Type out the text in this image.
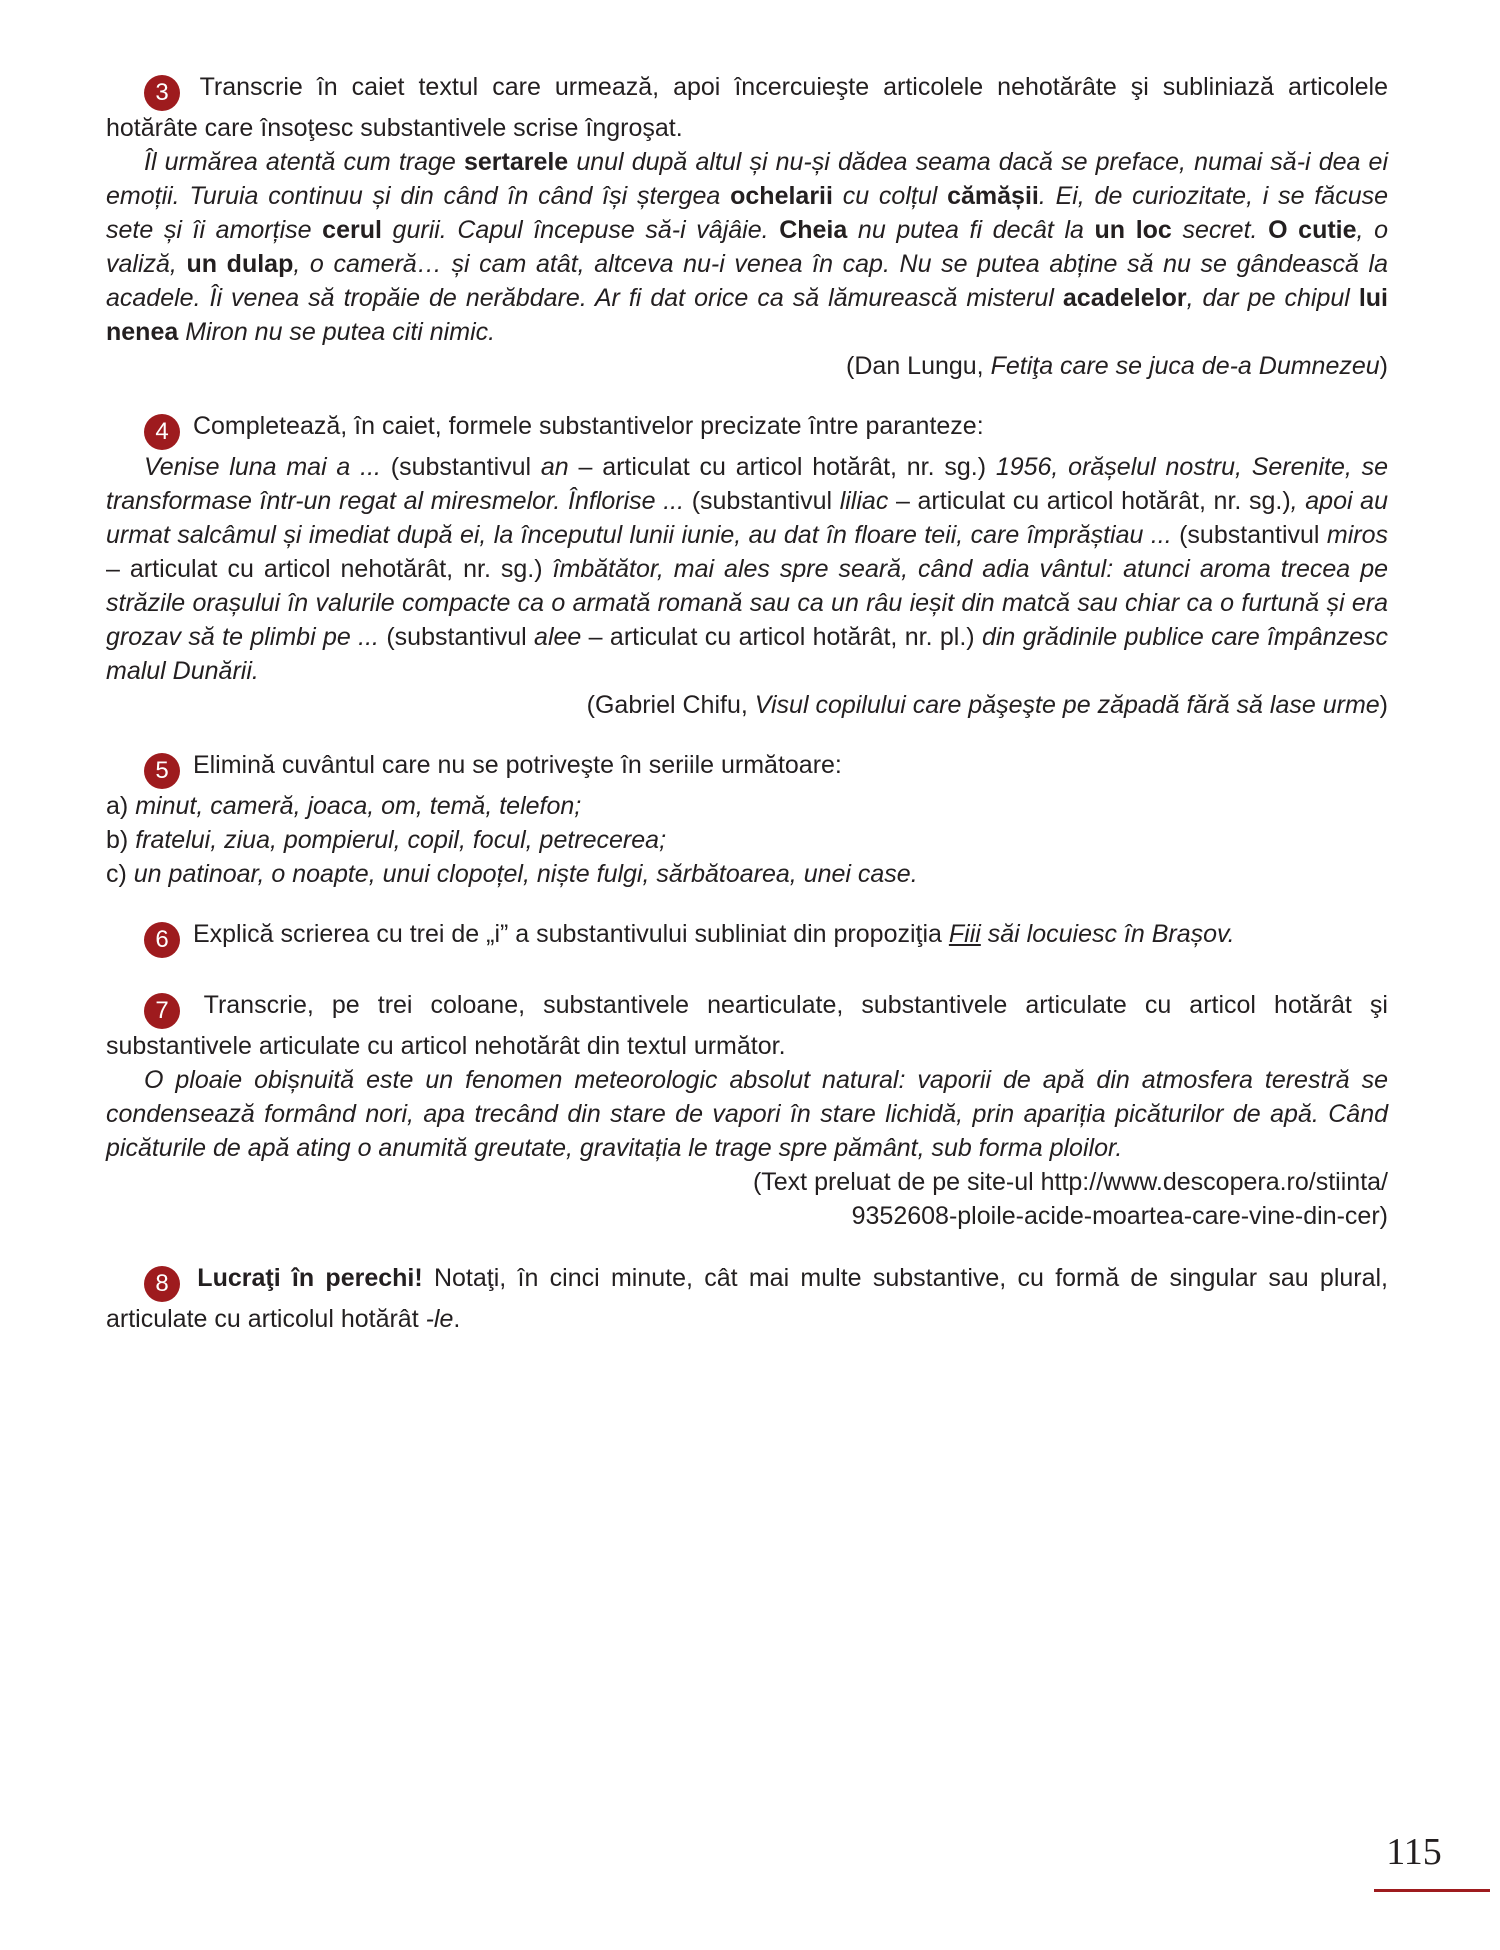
3 Transcrie în caiet textul care urmează, apoi încercuieşte articolele nehotărâte şi subliniază articolele hotărâte care însoţesc substantivele scrise îngroşat.
Îl urmărea atentă cum trage sertarele unul după altul și nu-și dădea seama dacă se preface, numai să-i dea ei emoții. Turuia continuu și din când în când își ștergea ochelarii cu colțul cămășii. Ei, de curiozitate, i se făcuse sete și îi amorțise cerul gurii. Capul începuse să-i vâjâie. Cheia nu putea fi decât la un loc secret. O cutie, o valiză, un dulap, o cameră… și cam atât, altceva nu-i venea în cap. Nu se putea abține să nu se gândească la acadele. Îi venea să tropăie de nerăbdare. Ar fi dat orice ca să lămurească misterul acadelelor, dar pe chipul lui nenea Miron nu se putea citi nimic.
(Dan Lungu, Fetiţa care se juca de-a Dumnezeu)
4 Completează, în caiet, formele substantivelor precizate între paranteze:
Venise luna mai a ... (substantivul an – articulat cu articol hotărât, nr. sg.) 1956, orășelul nostru, Serenite, se transformase într-un regat al miresmelor. Înflorise ... (substantivul liliac – articulat cu articol hotărât, nr. sg.), apoi au urmat salcâmul și imediat după ei, la începutul lunii iunie, au dat în floare teii, care împrăștiau ... (substantivul miros – articulat cu articol nehotărât, nr. sg.) îmbătător, mai ales spre seară, când adia vântul: atunci aroma trecea pe străzile orașului în valurile compacte ca o armată romană sau ca un râu ieșit din matcă sau chiar ca o furtună și era grozav să te plimbi pe ... (substantivul alee – articulat cu articol hotărât, nr. pl.) din grădinile publice care împânzesc malul Dunării.
(Gabriel Chifu, Visul copilului care păşeşte pe zăpadă fără să lase urme)
5 Elimină cuvântul care nu se potriveşte în seriile următoare:
a) minut, cameră, joaca, om, temă, telefon;
b) fratelui, ziua, pompierul, copil, focul, petrecerea;
c) un patinoar, o noapte, unui clopoțel, niște fulgi, sărbătoarea, unei case.
6 Explică scrierea cu trei de „i” a substantivului subliniat din propoziţia Fiii săi locuiesc în Brașov.
7 Transcrie, pe trei coloane, substantivele nearticulate, substantivele articulate cu articol hotărât şi substantivele articulate cu articol nehotărât din textul următor.
O ploaie obișnuită este un fenomen meteorologic absolut natural: vaporii de apă din atmosfera terestră se condensează formând nori, apa trecând din stare de vapori în stare lichidă, prin apariția picăturilor de apă. Când picăturile de apă ating o anumită greutate, gravitația le trage spre pământ, sub forma ploilor.
(Text preluat de pe site-ul http://www.descopera.ro/stiinta/
9352608-ploile-acide-moartea-care-vine-din-cer)
8 Lucraţi în perechi! Notaţi, în cinci minute, cât mai multe substantive, cu formă de singular sau plural, articulate cu articolul hotărât -le.
115
